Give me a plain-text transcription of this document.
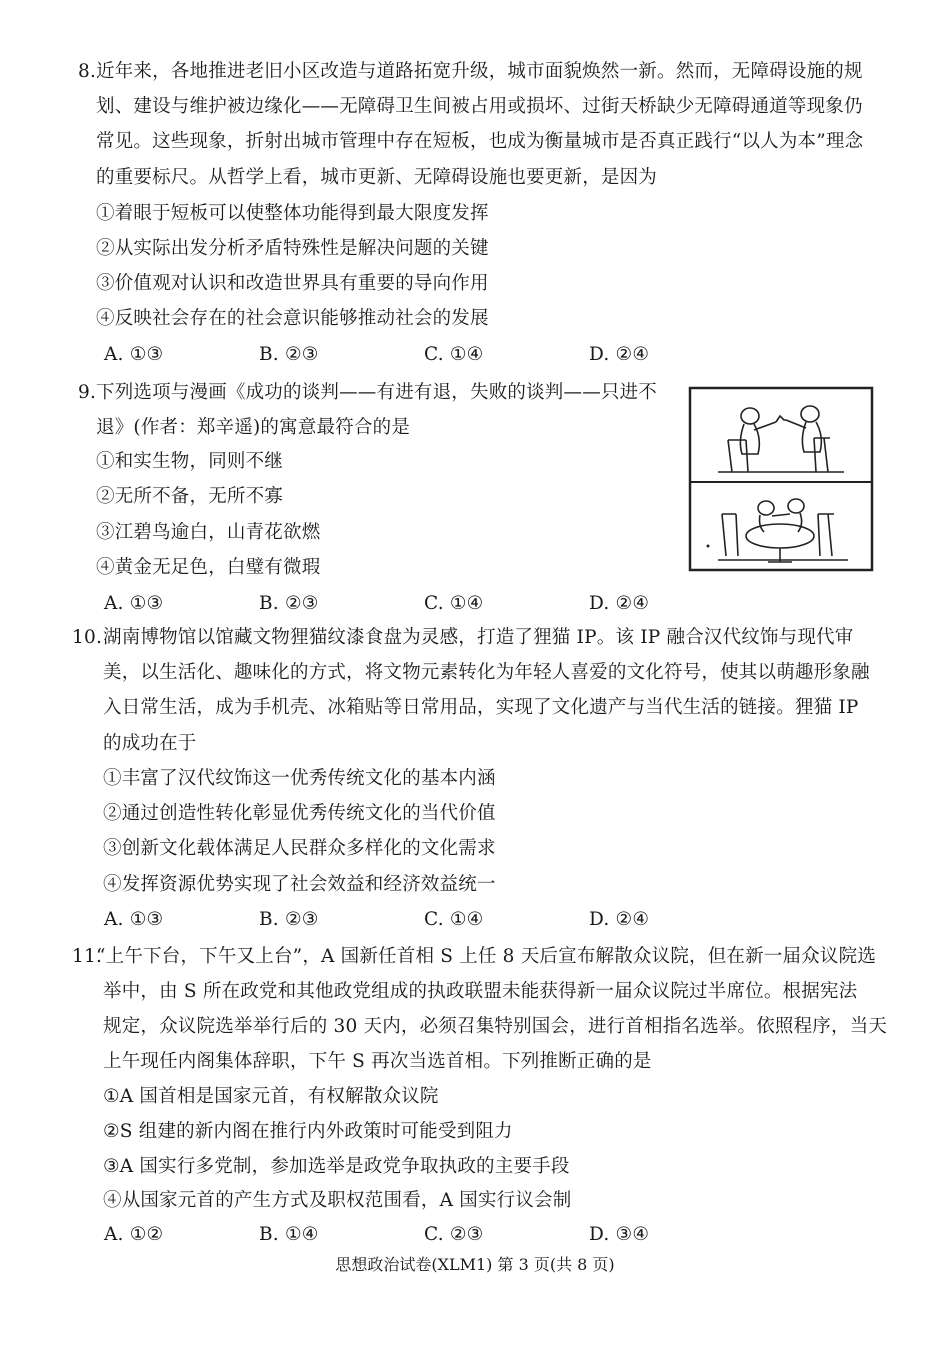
8. 近年来，各地推进老旧小区改造与道路拓宽升级，城市面貌焕然一新。然而，无障碍设施的规
划、建设与维护被边缘化——无障碍卫生间被占用或损坏、过街天桥缺少无障碍通道等现象仍
常见。这些现象，折射出城市管理中存在短板，也成为衡量城市是否真正践行“以人为本”理念
的重要标尺。从哲学上看，城市更新、无障碍设施也要更新，是因为
①着眼于短板可以使整体功能得到最大限度发挥
②从实际出发分析矛盾特殊性是解决问题的关键
③价值观对认识和改造世界具有重要的导向作用
④反映社会存在的社会意识能够推动社会的发展
A. ①③	B. ②③	C. ①④	D. ②④
9. 下列选项与漫画《成功的谈判——有进有退，失败的谈判——只进不
退》(作者：郑辛遥)的寓意最符合的是
①和实生物，同则不继
②无所不备，无所不寡
③江碧鸟逾白，山青花欲燃
④黄金无足色，白璧有微瑕
A. ①③	B. ②③	C. ①④	D. ②④
10. 湖南博物馆以馆藏文物狸猫纹漆食盘为灵感，打造了狸猫 IP。该 IP 融合汉代纹饰与现代审
美，以生活化、趣味化的方式，将文物元素转化为年轻人喜爱的文化符号，使其以萌趣形象融
入日常生活，成为手机壳、冰箱贴等日常用品，实现了文化遗产与当代生活的链接。狸猫 IP
的成功在于
①丰富了汉代纹饰这一优秀传统文化的基本内涵
②通过创造性转化彰显优秀传统文化的当代价值
③创新文化载体满足人民群众多样化的文化需求
④发挥资源优势实现了社会效益和经济效益统一
A. ①③	B. ②③	C. ①④	D. ②④
11.
“上午下台，下午又上台”，A 国新任首相 S 上任 8 天后宣布解散众议院，但在新一届众议院选
举中，由 S 所在政党和其他政党组成的执政联盟未能获得新一届众议院过半席位。根据宪法
规定，众议院选举举行后的 30 天内，必须召集特别国会，进行首相指名选举。依照程序，当天
上午现任内阁集体辞职，下午 S 再次当选首相。下列推断正确的是
①A 国首相是国家元首，有权解散众议院
②S 组建的新内阁在推行内外政策时可能受到阻力
③A 国实行多党制，参加选举是政党争取执政的主要手段
④从国家元首的产生方式及职权范围看，A 国实行议会制
A. ①②	B. ①④	C. ②③	D. ③④
思想政治试卷(XLM1) 第 3 页(共 8 页)
